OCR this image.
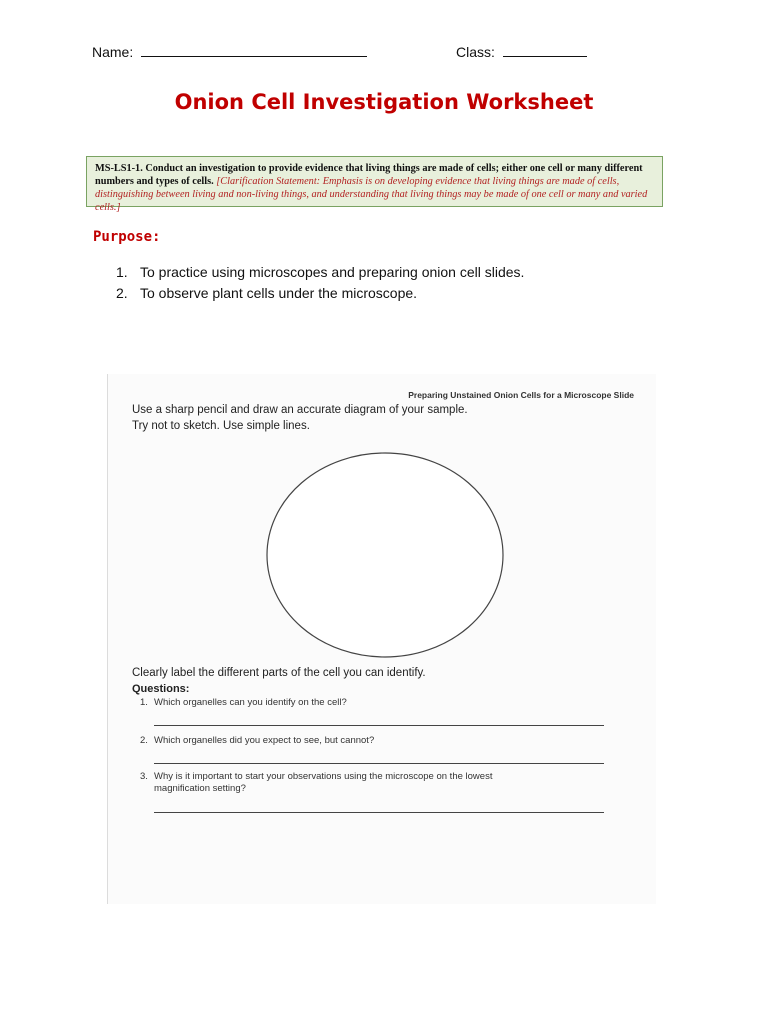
Name:	Class:
Onion Cell Investigation Worksheet
MS-LS1-1. Conduct an investigation to provide evidence that living things are made of cells; either one cell or many different numbers and types of cells. [Clarification Statement: Emphasis is on developing evidence that living things are made of cells, distinguishing between living and non-living things, and understanding that living things may be made of one cell or many and varied cells.]
Purpose:
1. To practice using microscopes and preparing onion cell slides.
2. To observe plant cells under the microscope.
Preparing Unstained Onion Cells for a Microscope Slide
Use a sharp pencil and draw an accurate diagram of your sample.
Try not to sketch. Use simple lines.
Clearly label the different parts of the cell you can identify.
Questions:
1. Which organelles can you identify on the cell?
2. Which organelles did you expect to see, but cannot?
3. Why is it important to start your observations using the microscope on the lowest
magnification setting?
